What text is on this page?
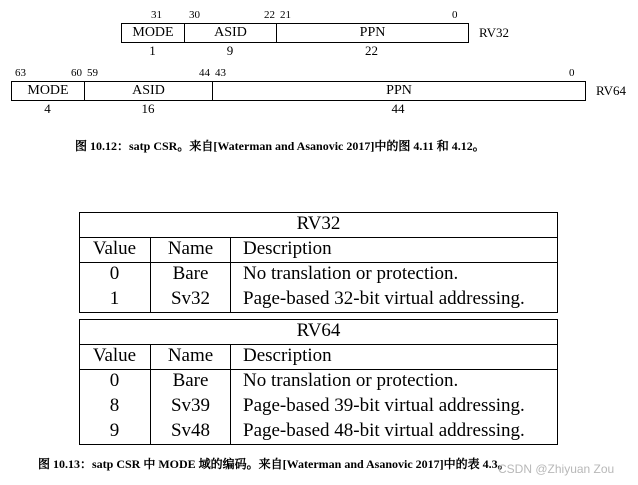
31 30	22 21	0
MODE	ASID	PPN
1	9	22
RV32
63	60 59	44 43	0
MODE	ASID	PPN
4	16	44
RV64
图 10.12：satp CSR。来自[Waterman and Asanovic 2017]中的图 4.11 和 4.12。
RV32
Value	Name	Description
0	Bare	No translation or protection.
1	Sv32	Page-based 32-bit virtual addressing.
RV64
Value	Name	Description
0	Bare	No translation or protection.
8	Sv39	Page-based 39-bit virtual addressing.
9	Sv48	Page-based 48-bit virtual addressing.
图 10.13：satp CSR 中 MODE 域的编码。来自[Waterman and Asanovic 2017]中的表 4.3。
CSDN @Zhiyuan Zou
